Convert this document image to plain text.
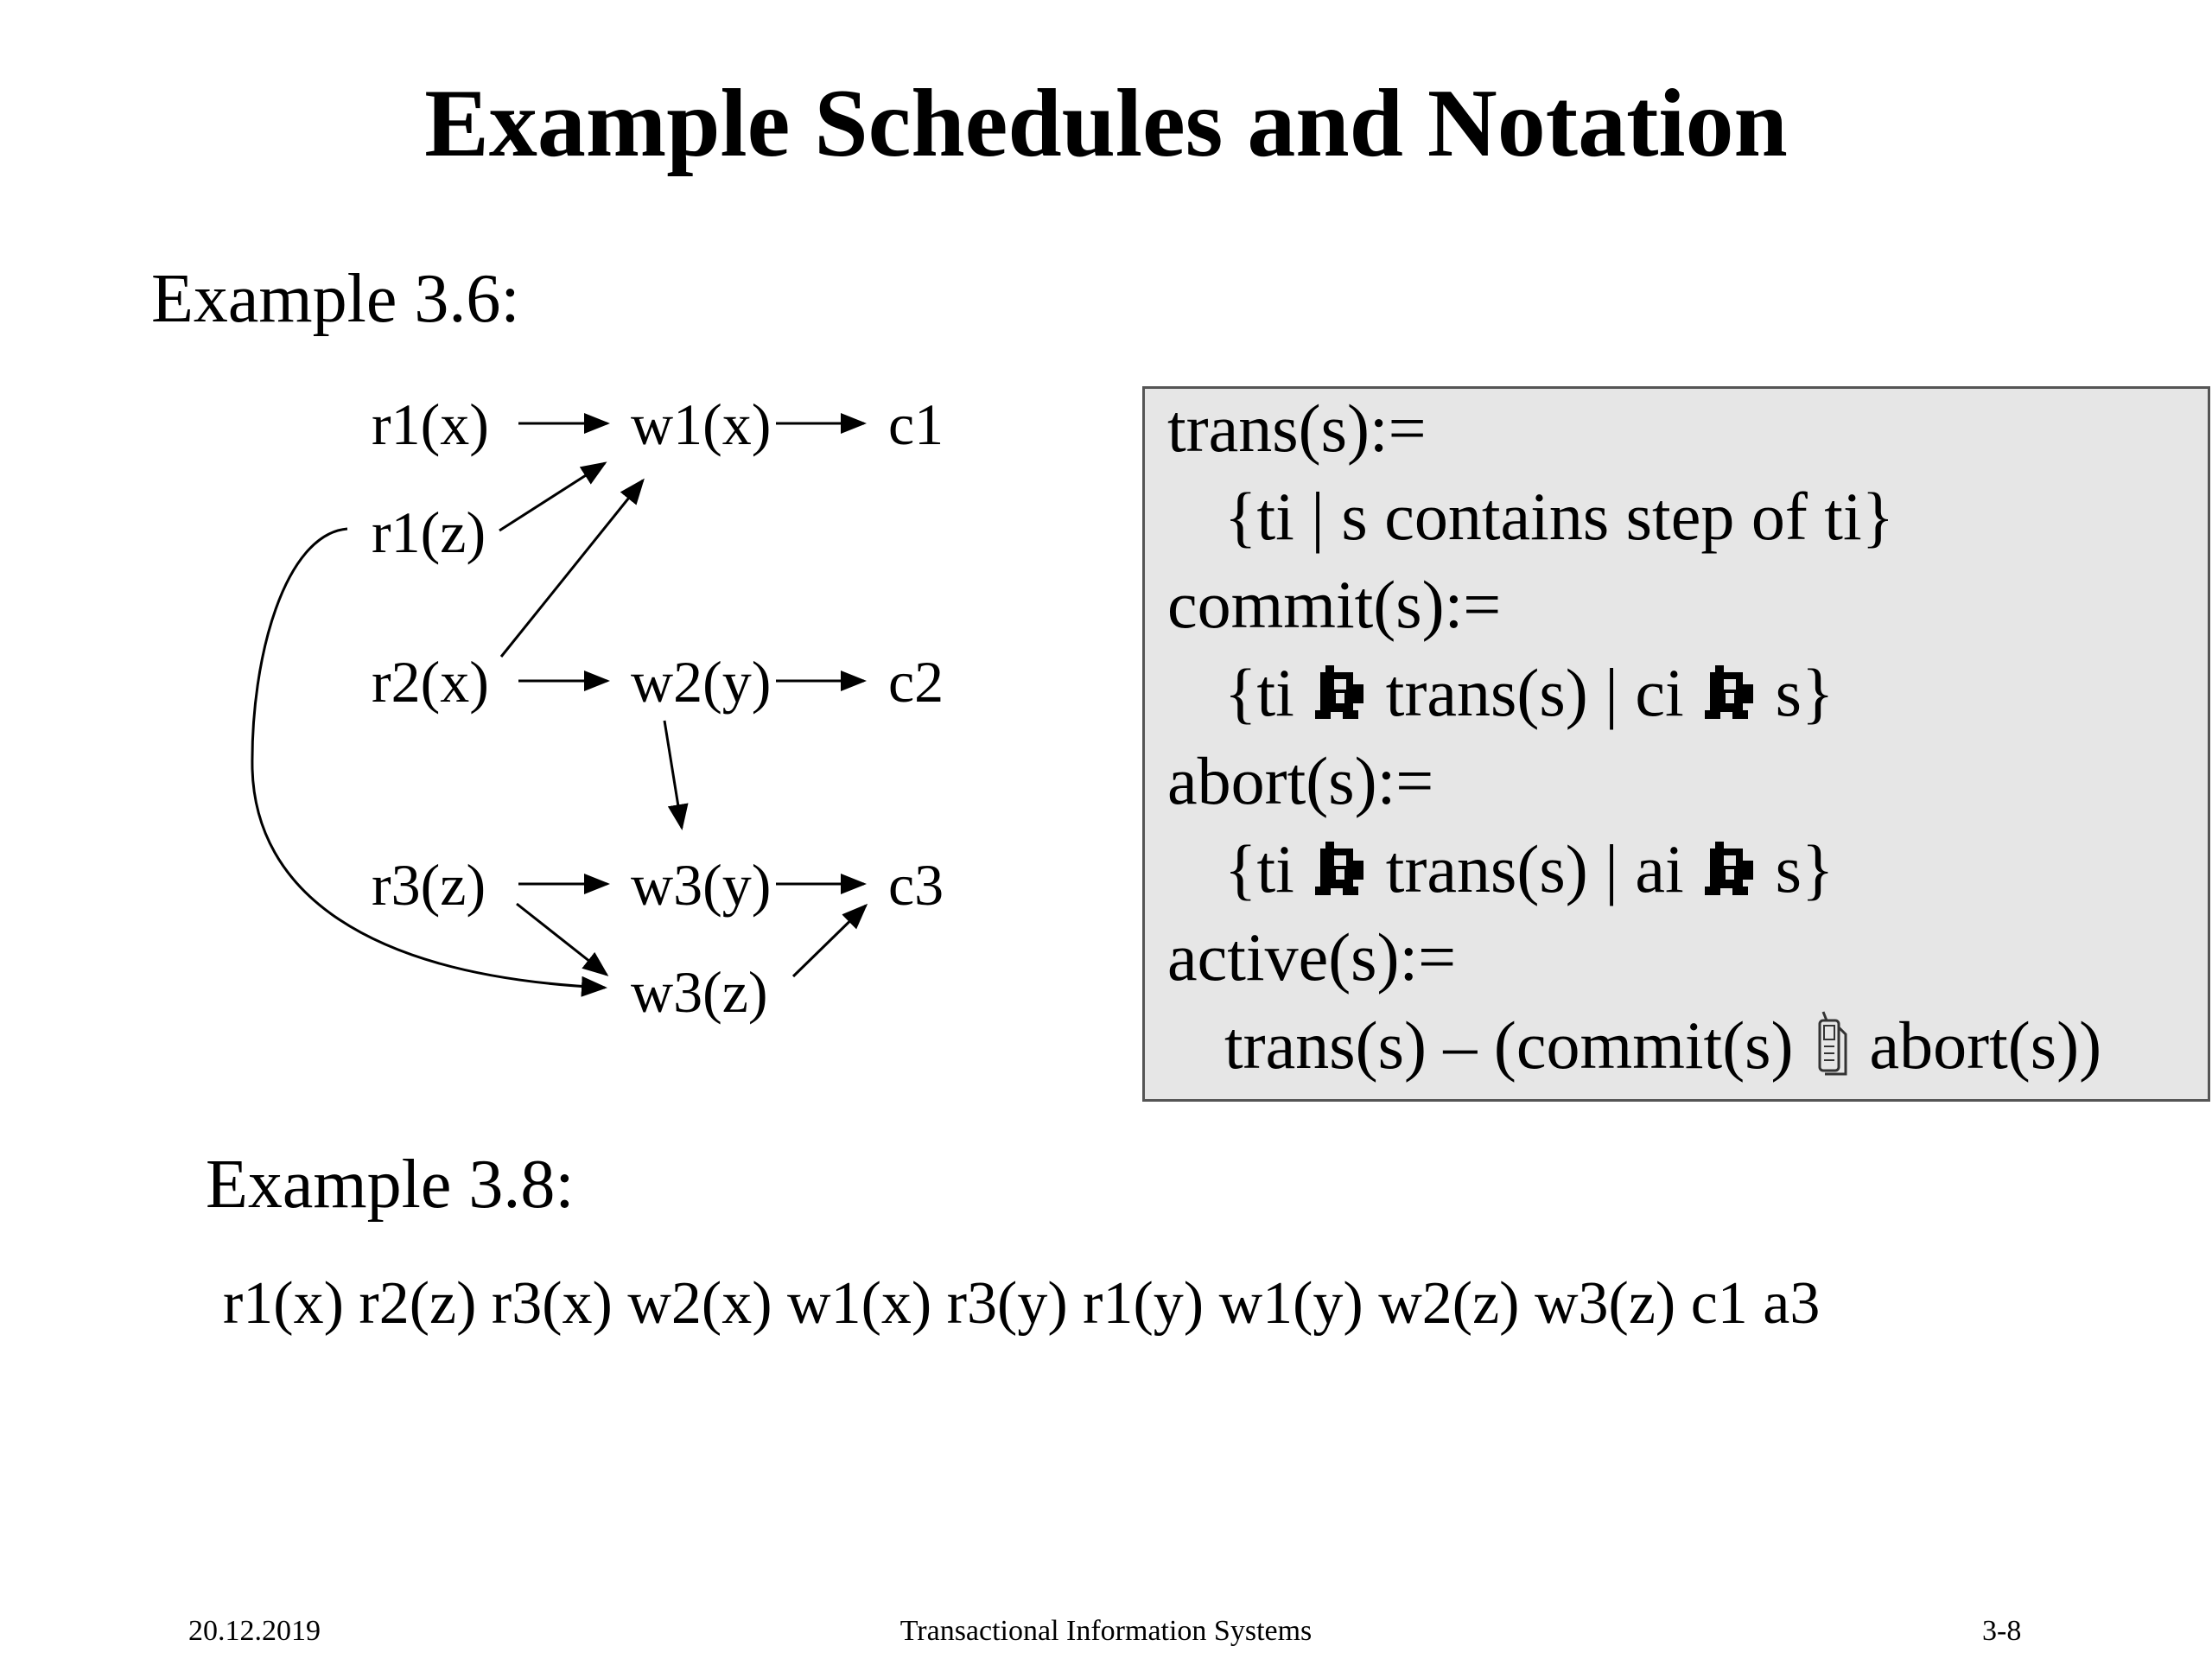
Example Schedules and Notation
Example 3.6:
r1(x) w1(x) c1
r1(z)
r2(x) w2(y) c2
r3(z) w3(y) c3
w3(z)
trans(s):=
{ti | s contains step of ti}
commit(s):=
{ti trans(s) | ci s}
abort(s):=
{ti trans(s) | ai s}
active(s):=
trans(s) – (commit(s) abort(s))
Example 3.8:
r1(x) r2(z) r3(x) w2(x) w1(x) r3(y) r1(y) w1(y) w2(z) w3(z) c1 a3
20.12.2019	Transactional Information Systems	3-8
